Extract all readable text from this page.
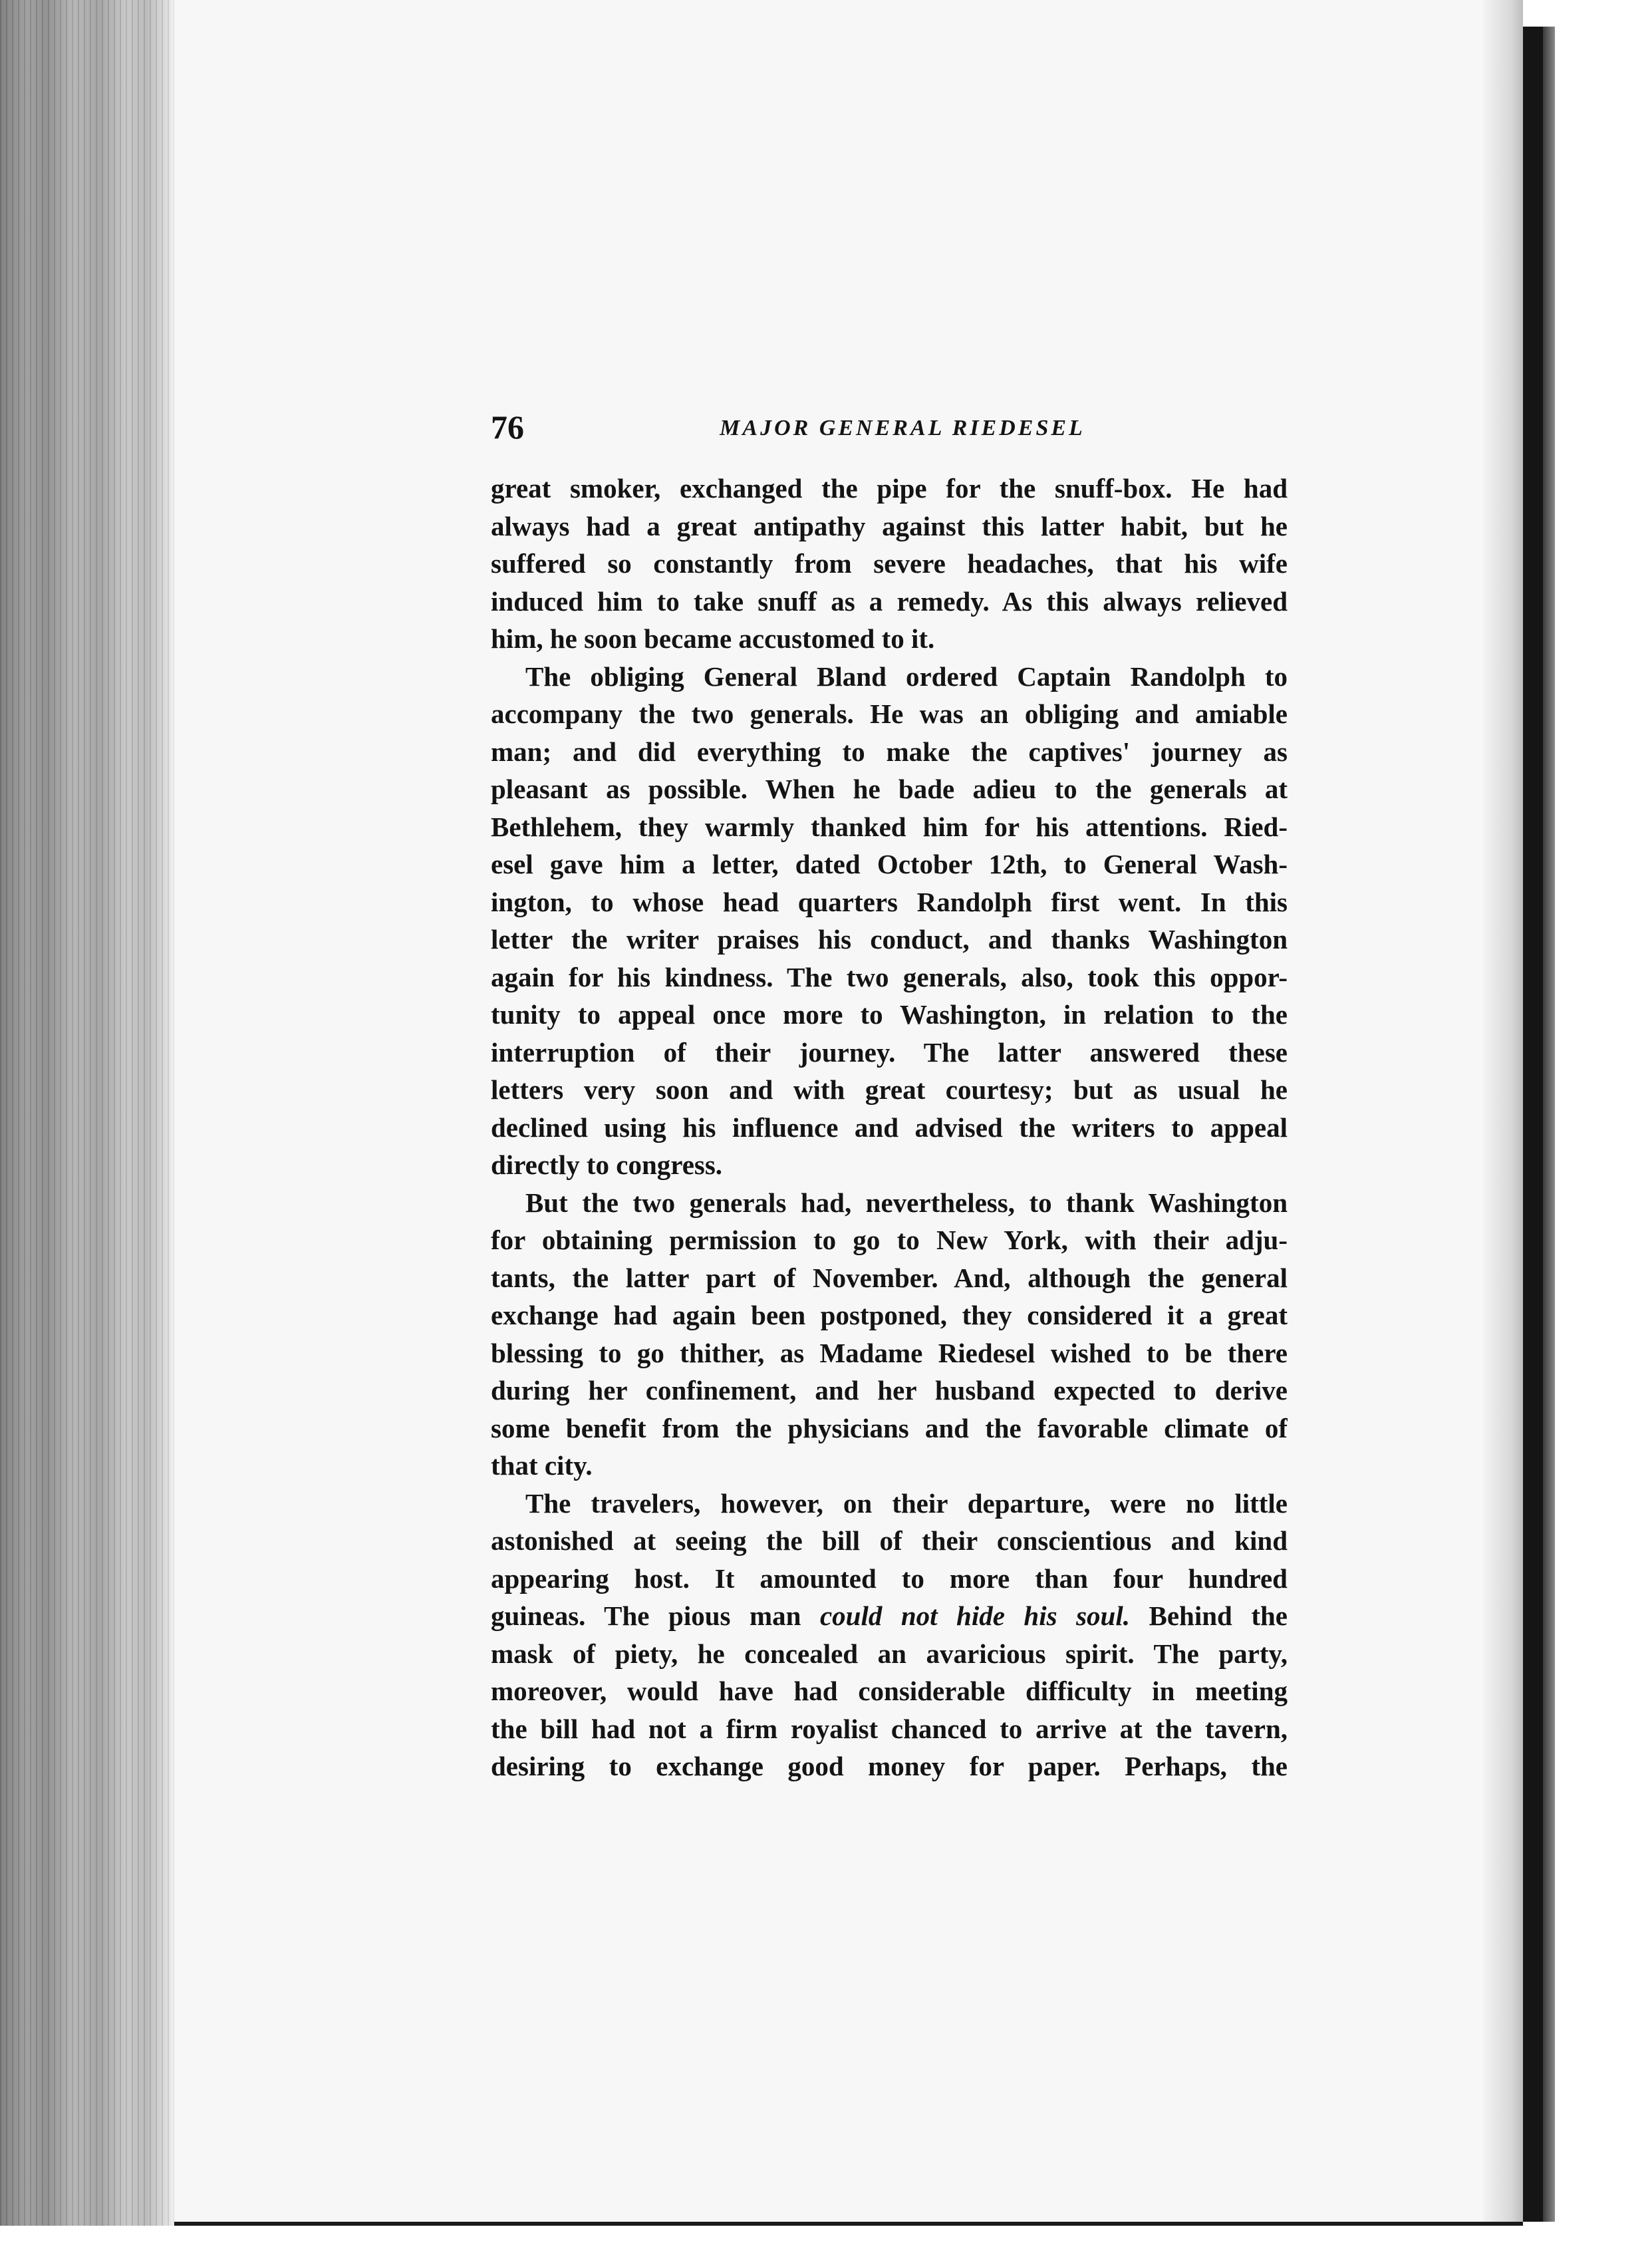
76	MAJOR GENERAL RIEDESEL
great smoker, exchanged the pipe for the snuff-box. He had
always had a great antipathy against this latter habit, but he
suffered so constantly from severe headaches, that his wife
induced him to take snuff as a remedy. As this always relieved
him, he soon became accustomed to it.
The obliging General Bland ordered Captain Randolph to
accompany the two generals. He was an obliging and amiable
man; and did everything to make the captives' journey as
pleasant as possible. When he bade adieu to the generals at
Bethlehem, they warmly thanked him for his attentions. Ried-
esel gave him a letter, dated October 12th, to General Wash-
ington, to whose head quarters Randolph first went. In this
letter the writer praises his conduct, and thanks Washington
again for his kindness. The two generals, also, took this oppor-
tunity to appeal once more to Washington, in relation to the
interruption of their journey. The latter answered these
letters very soon and with great courtesy; but as usual he
declined using his influence and advised the writers to appeal
directly to congress.
But the two generals had, nevertheless, to thank Washington
for obtaining permission to go to New York, with their adju-
tants, the latter part of November. And, although the general
exchange had again been postponed, they considered it a great
blessing to go thither, as Madame Riedesel wished to be there
during her confinement, and her husband expected to derive
some benefit from the physicians and the favorable climate of
that city.
The travelers, however, on their departure, were no little
astonished at seeing the bill of their conscientious and kind
appearing host. It amounted to more than four hundred
guineas. The pious man could not hide his soul. Behind the
mask of piety, he concealed an avaricious spirit. The party,
moreover, would have had considerable difficulty in meeting
the bill had not a firm royalist chanced to arrive at the tavern,
desiring to exchange good money for paper. Perhaps, the
